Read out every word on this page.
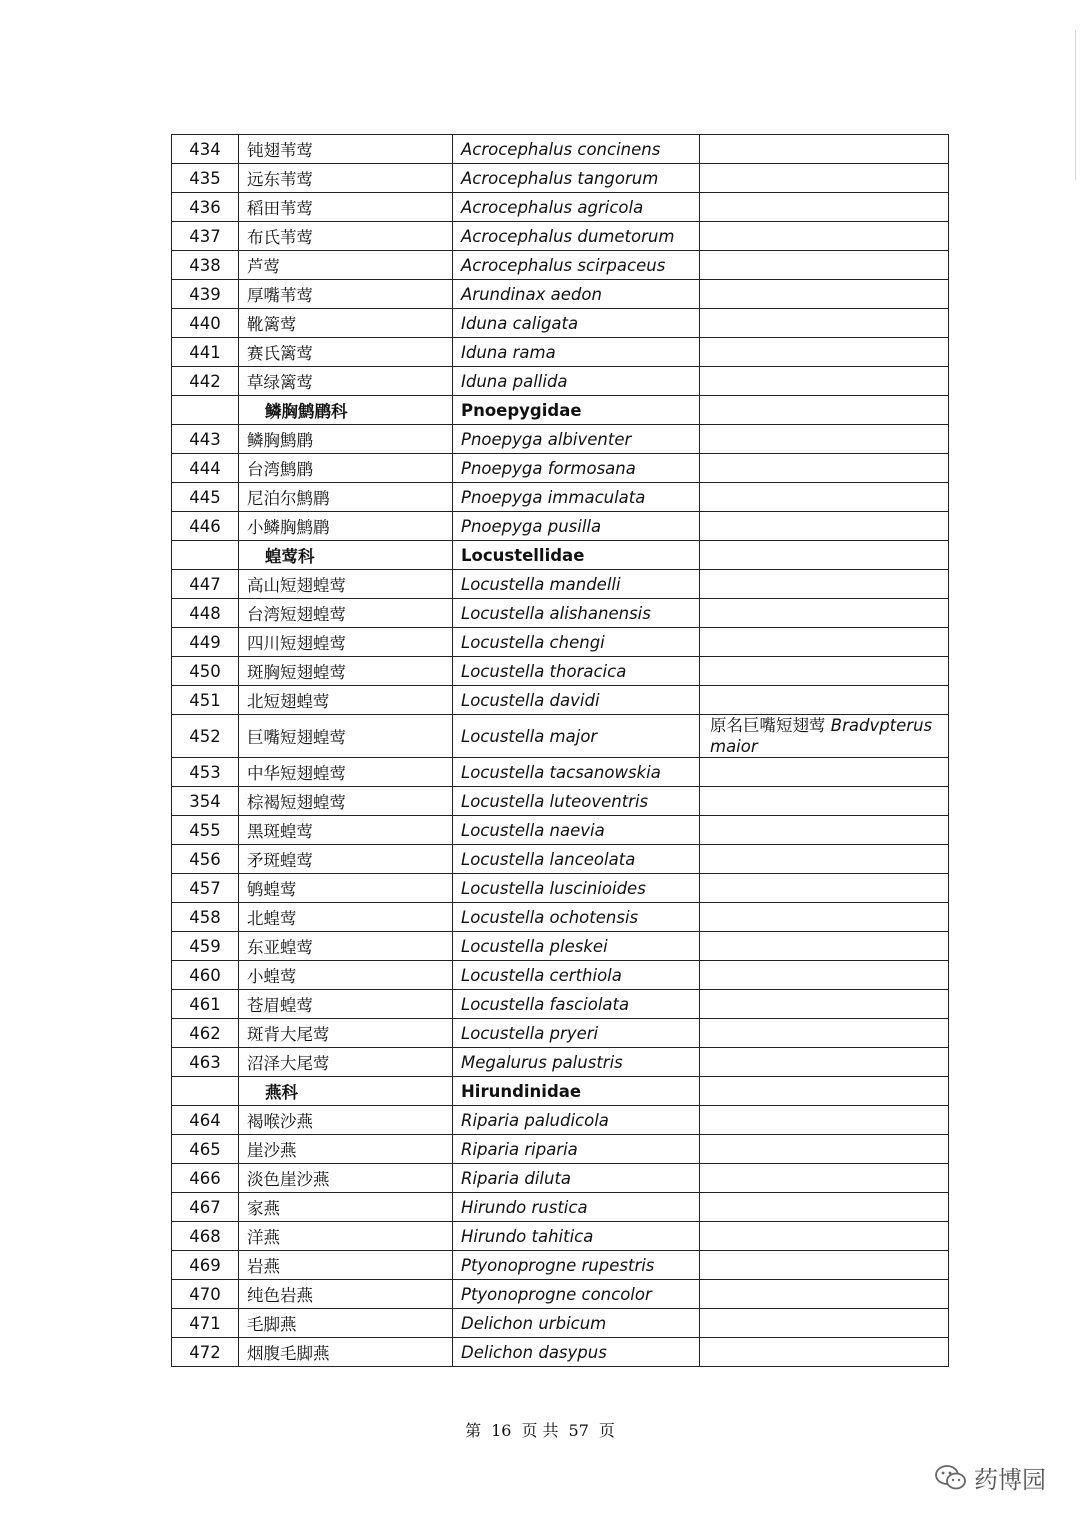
434	钝翅苇莺	Acrocephalus concinens	
435	远东苇莺	Acrocephalus tangorum	
436	稻田苇莺	Acrocephalus agricola	
437	布氏苇莺	Acrocephalus dumetorum	
438	芦莺	Acrocephalus scirpaceus	
439	厚嘴苇莺	Arundinax aedon	
440	靴篱莺	Iduna caligata	
441	赛氏篱莺	Iduna rama	
442	草绿篱莺	Iduna pallida	
	鳞胸鹪鹛科	Pnoepygidae	
443	鳞胸鹪鹛	Pnoepyga albiventer	
444	台湾鹪鹛	Pnoepyga formosana	
445	尼泊尔鹪鹛	Pnoepyga immaculata	
446	小鳞胸鹪鹛	Pnoepyga pusilla	
	蝗莺科	Locustellidae	
447	高山短翅蝗莺	Locustella mandelli	
448	台湾短翅蝗莺	Locustella alishanensis	
449	四川短翅蝗莺	Locustella chengi	
450	斑胸短翅蝗莺	Locustella thoracica	
451	北短翅蝗莺	Locustella davidi	
452	巨嘴短翅蝗莺	Locustella major	原名巨嘴短翅莺 Bradvpterus maior
453	中华短翅蝗莺	Locustella tacsanowskia	
354	棕褐短翅蝗莺	Locustella luteoventris	
455	黑斑蝗莺	Locustella naevia	
456	矛斑蝗莺	Locustella lanceolata	
457	鸲蝗莺	Locustella luscinioides	
458	北蝗莺	Locustella ochotensis	
459	东亚蝗莺	Locustella pleskei	
460	小蝗莺	Locustella certhiola	
461	苍眉蝗莺	Locustella fasciolata	
462	斑背大尾莺	Locustella pryeri	
463	沼泽大尾莺	Megalurus palustris	
	燕科	Hirundinidae	
464	褐喉沙燕	Riparia paludicola	
465	崖沙燕	Riparia riparia	
466	淡色崖沙燕	Riparia diluta	
467	家燕	Hirundo rustica	
468	洋燕	Hirundo tahitica	
469	岩燕	Ptyonoprogne rupestris	
470	纯色岩燕	Ptyonoprogne concolor	
471	毛脚燕	Delichon urbicum	
472	烟腹毛脚燕	Delichon dasypus	
第 16 页 共 57 页
药博园
